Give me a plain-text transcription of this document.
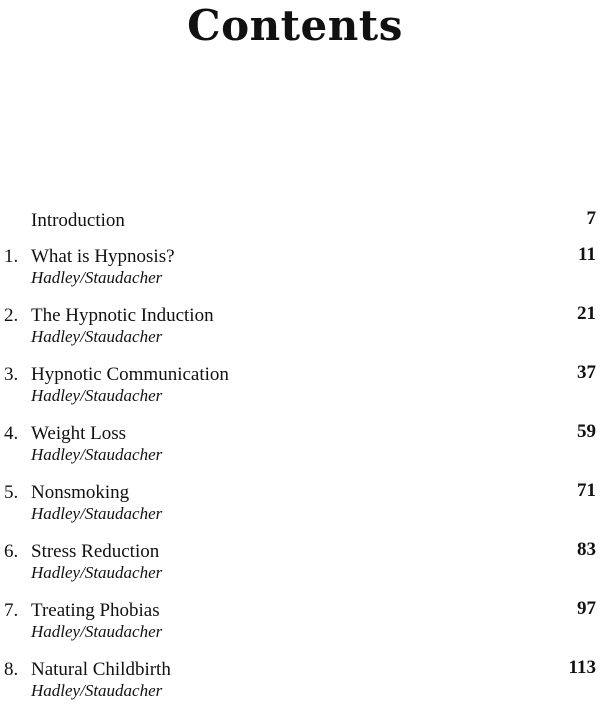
Contents
Introduction	7
1. What is Hypnosis?
Hadley/Staudacher
11
2. The Hypnotic Induction
Hadley/Staudacher
21
3. Hypnotic Communication
Hadley/Staudacher
37
4. Weight Loss
Hadley/Staudacher
59
5. Nonsmoking
Hadley/Staudacher
71
6. Stress Reduction
Hadley/Staudacher
83
7. Treating Phobias
Hadley/Staudacher
97
8. Natural Childbirth
Hadley/Staudacher
113
